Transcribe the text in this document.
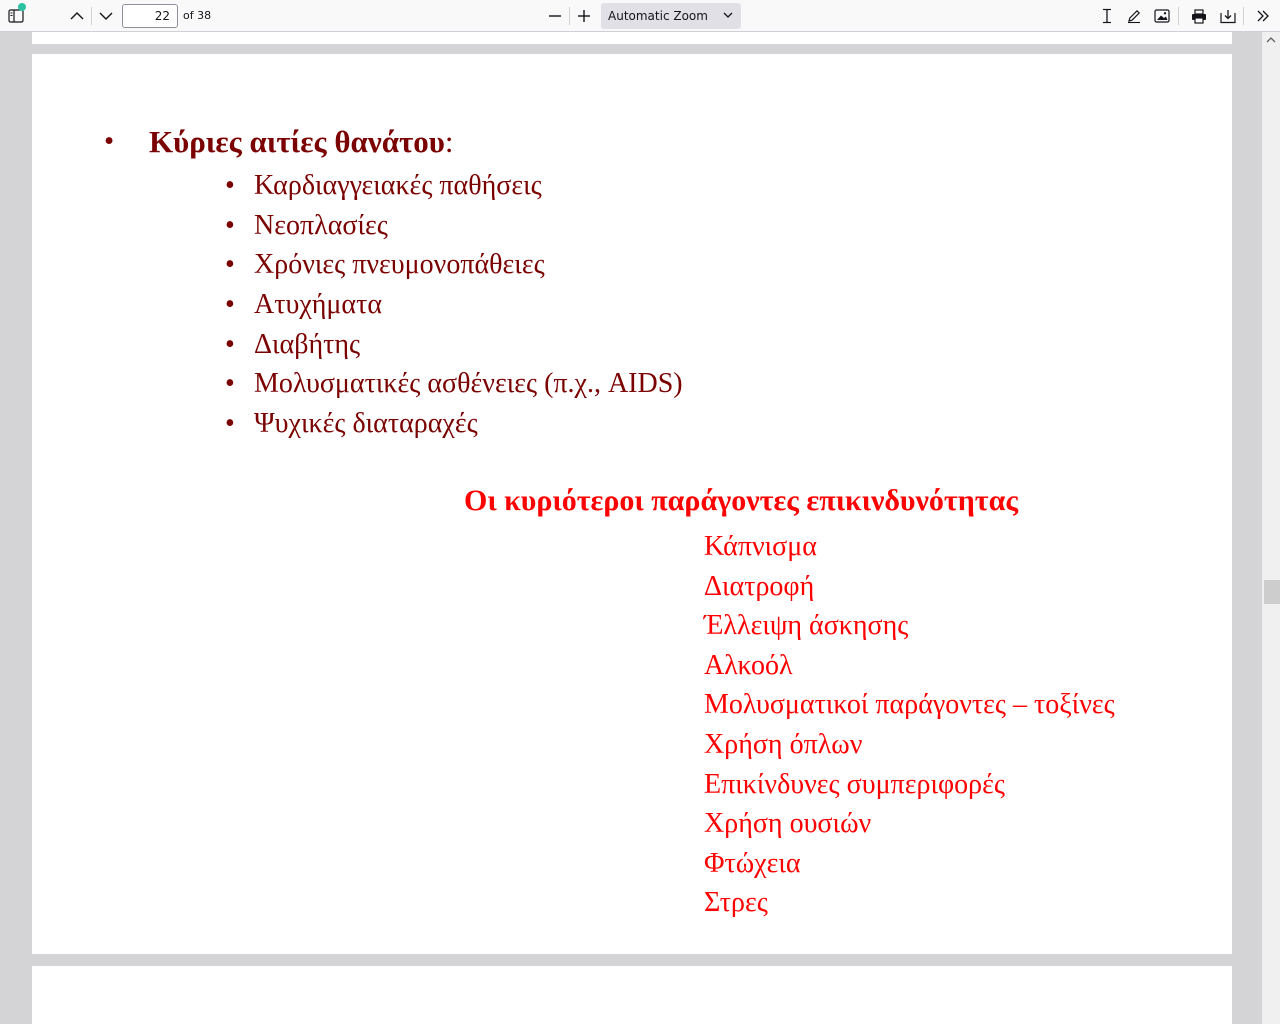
22
of 38	Automatic Zoom
• Κύριες αιτίες θανάτου:

• Καρδιαγγειακές παθήσεις
• Νεοπλασίες
• Χρόνιες πνευμονοπάθειες
• Ατυχήματα
• Διαβήτης
• Μολυσματικές ασθένειες (π.χ., AIDS)
• Ψυχικές διαταραχές

Οι κυριότεροι παράγοντες επικινδυνότητας

Κάπνισμα
Διατροφή
Έλλειψη άσκησης
Αλκοόλ
Μολυσματικοί παράγοντες – τοξίνες
Χρήση όπλων
Επικίνδυνες συμπεριφορές
Χρήση ουσιών
Φτώχεια
Στρες
